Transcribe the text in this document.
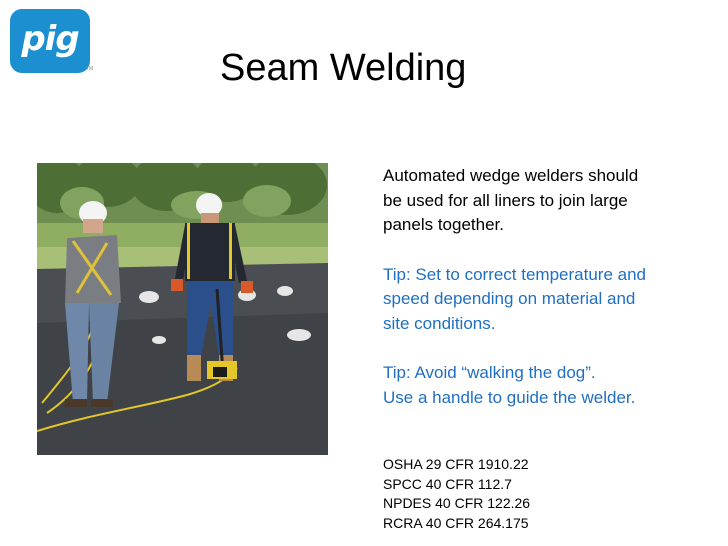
pig
TM	Seam Welding
Automated wedge welders should
be used for all liners to join large
panels together.
Tip: Set to correct temperature and
speed depending on material and
site conditions.
Tip: Avoid “walking the dog”.
Use a handle to guide the welder.
OSHA 29 CFR 1910.22
SPCC 40 CFR 112.7
NPDES 40 CFR 122.26
RCRA 40 CFR 264.175
